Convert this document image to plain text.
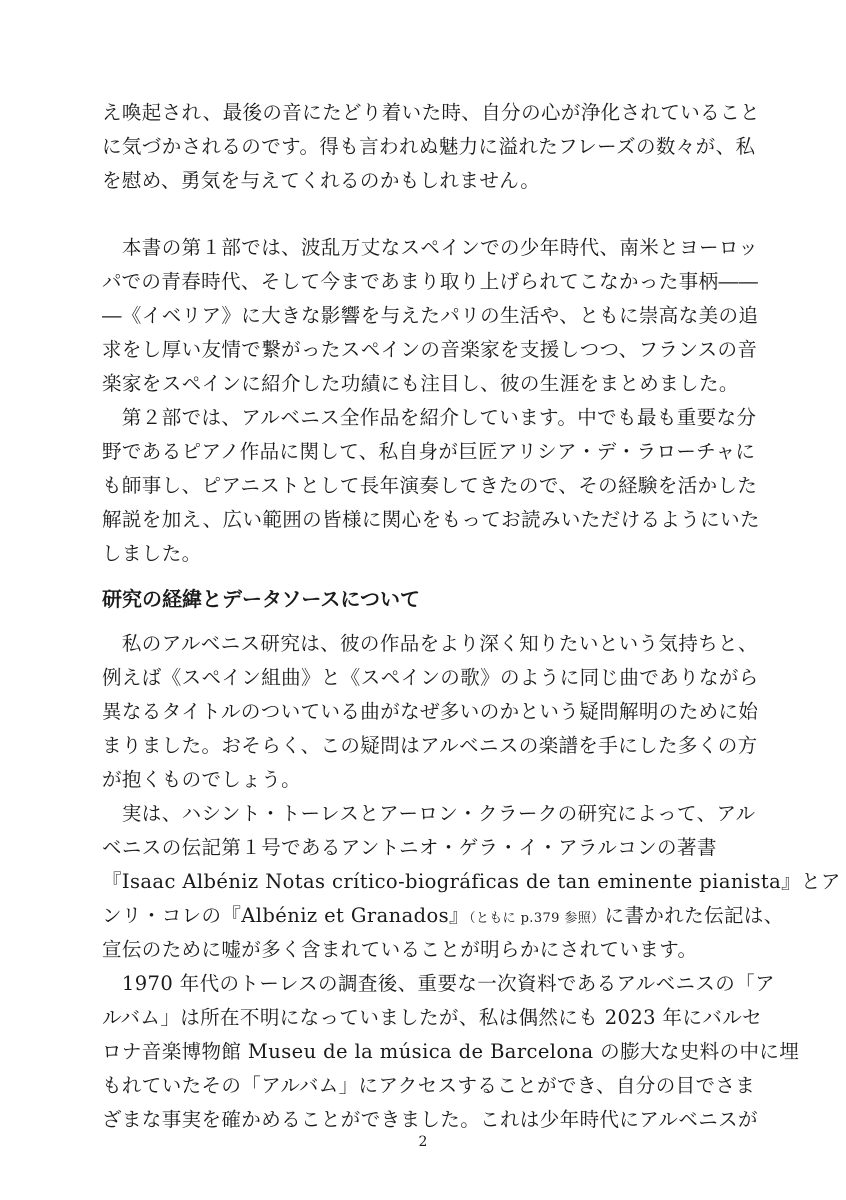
え喚起され、最後の音にたどり着いた時、自分の心が浄化されていること
に気づかされるのです。得も言われぬ魅力に溢れたフレーズの数々が、私
を慰め、勇気を与えてくれるのかもしれません。
　本書の第１部では、波乱万丈なスペインでの少年時代、南米とヨーロッ
パでの青春時代、そして今まであまり取り上げられてこなかった事柄――
―《イベリア》に大きな影響を与えたパリの生活や、ともに崇高な美の追
求をし厚い友情で繋がったスペインの音楽家を支援しつつ、フランスの音
楽家をスペインに紹介した功績にも注目し、彼の生涯をまとめました。
　第２部では、アルベニス全作品を紹介しています。中でも最も重要な分
野であるピアノ作品に関して、私自身が巨匠アリシア・デ・ラローチャに
も師事し、ピアニストとして長年演奏してきたので、その経験を活かした
解説を加え、広い範囲の皆様に関心をもってお読みいただけるようにいた
しました。
研究の経緯とデータソースについて
　私のアルベニス研究は、彼の作品をより深く知りたいという気持ちと、
例えば《スペイン組曲》と《スペインの歌》のように同じ曲でありながら
異なるタイトルのついている曲がなぜ多いのかという疑問解明のために始
まりました。おそらく、この疑問はアルベニスの楽譜を手にした多くの方
が抱くものでしょう。
　実は、ハシント・トーレスとアーロン・クラークの研究によって、アル
ベニスの伝記第１号であるアントニオ・ゲラ・イ・アラルコンの著書
『Isaac Albéniz Notas crítico-biográficas de tan eminente pianista』とア
ンリ・コレの『Albéniz et Granados』（ともに p.379 参照）に書かれた伝記は、
宣伝のために嘘が多く含まれていることが明らかにされています。
　1970 年代のトーレスの調査後、重要な一次資料であるアルベニスの「ア
ルバム」は所在不明になっていましたが、私は偶然にも 2023 年にバルセ
ロナ音楽博物館 Museu de la música de Barcelona の膨大な史料の中に埋
もれていたその「アルバム」にアクセスすることができ、自分の目でさま
ざまな事実を確かめることができました。これは少年時代にアルベニスが
2
